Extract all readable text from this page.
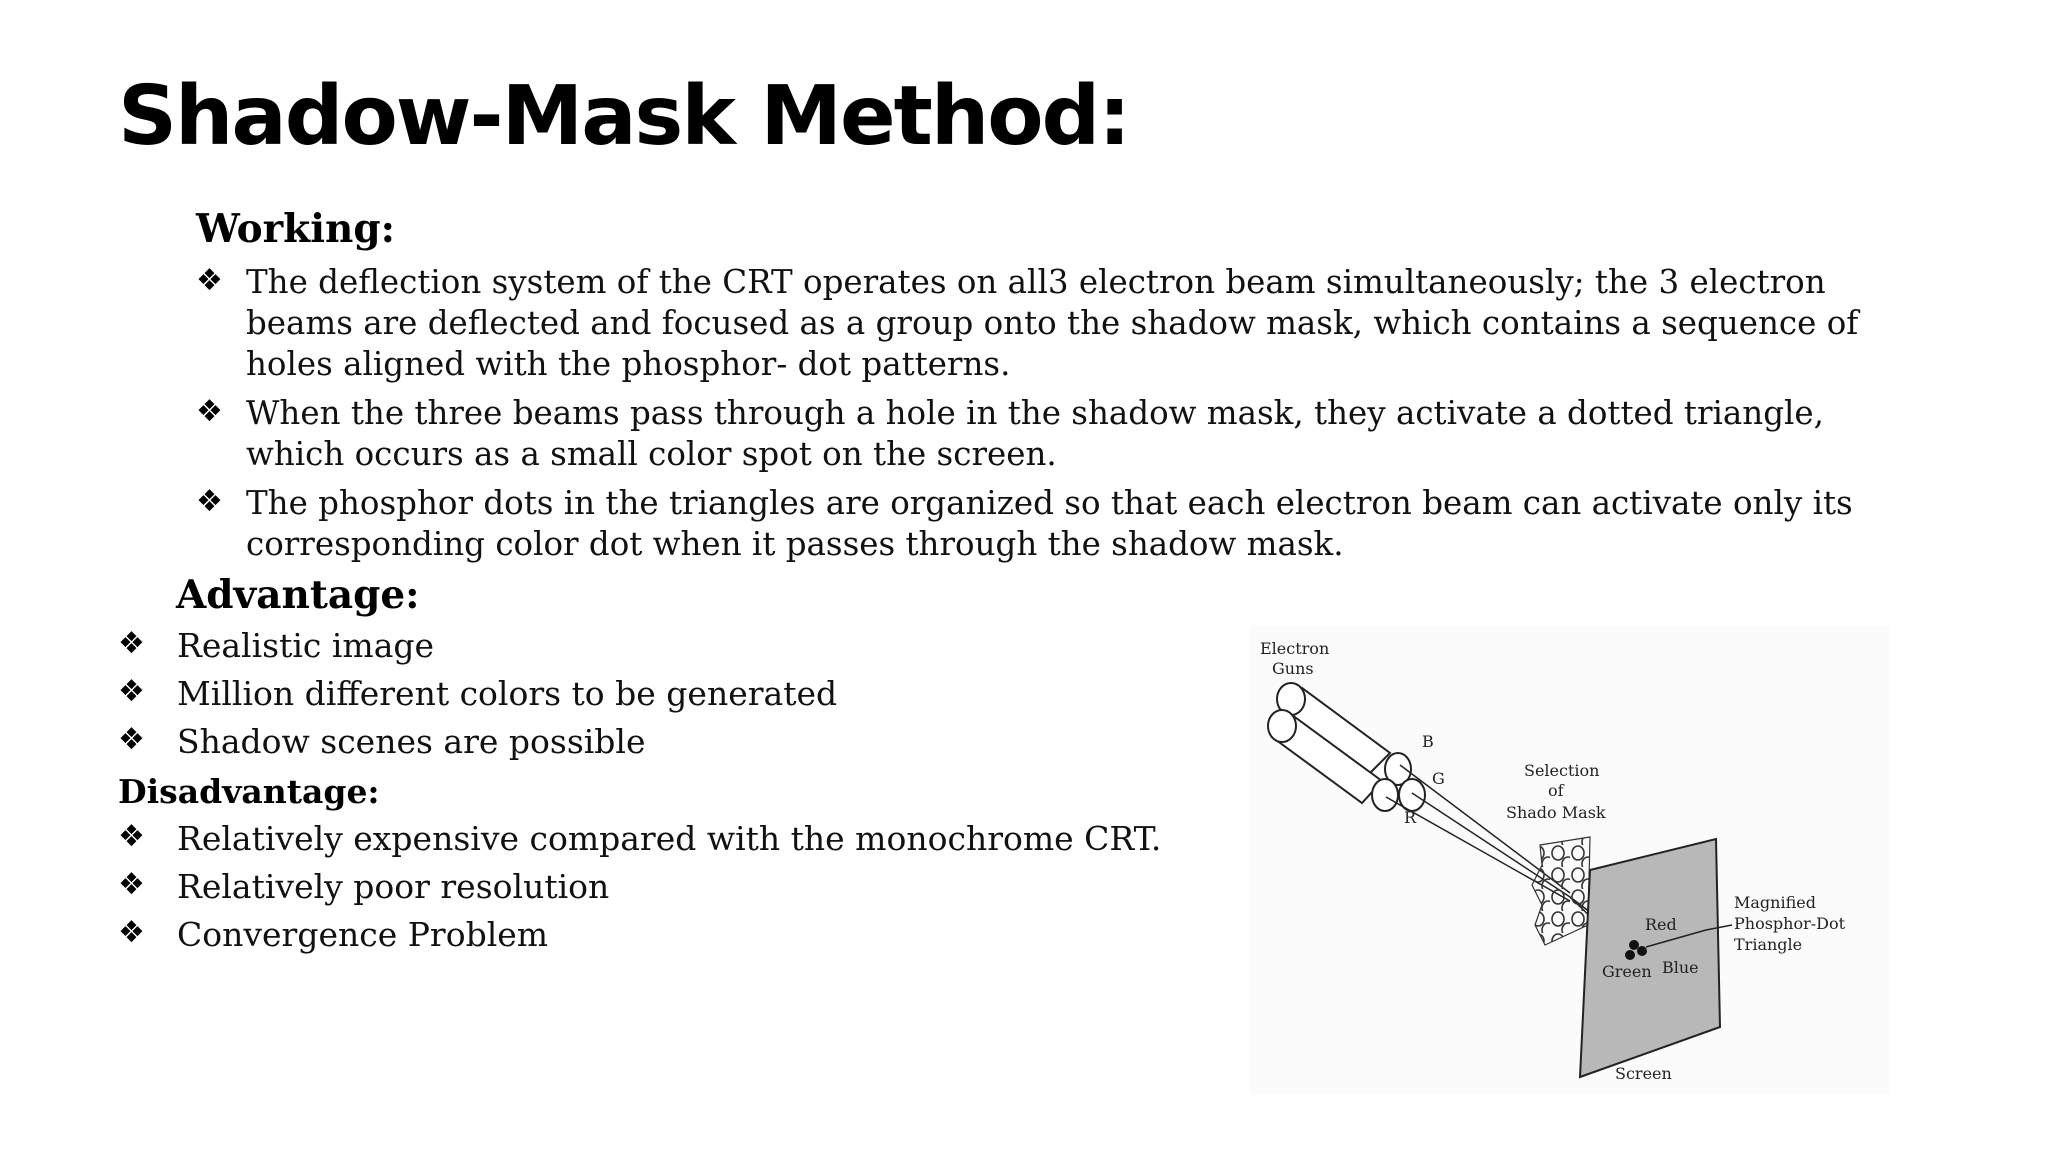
Shadow-Mask Method:
Working:
❖ The deflection system of the CRT operates on all3 electron beam simultaneously; the 3 electron beams are deflected and focused as a group onto the shadow mask, which contains a sequence of holes aligned with the phosphor- dot patterns.
❖ When the three beams pass through a hole in the shadow mask, they activate a dotted triangle, which occurs as a small color spot on the screen.
❖ The phosphor dots in the triangles are organized so that each electron beam can activate only its corresponding color dot when it passes through the shadow mask.
Advantage:
❖ Realistic image
❖ Million different colors to be generated
❖ Shadow scenes are possible
Disadvantage:
❖ Relatively expensive compared with the monochrome CRT.
❖ Relatively poor resolution
❖ Convergence Problem
Electron
Guns
B
G
R
Selection
of
Shado Mask
Magnified
Phosphor-Dot
Triangle
Red
Green Blue
Screen
